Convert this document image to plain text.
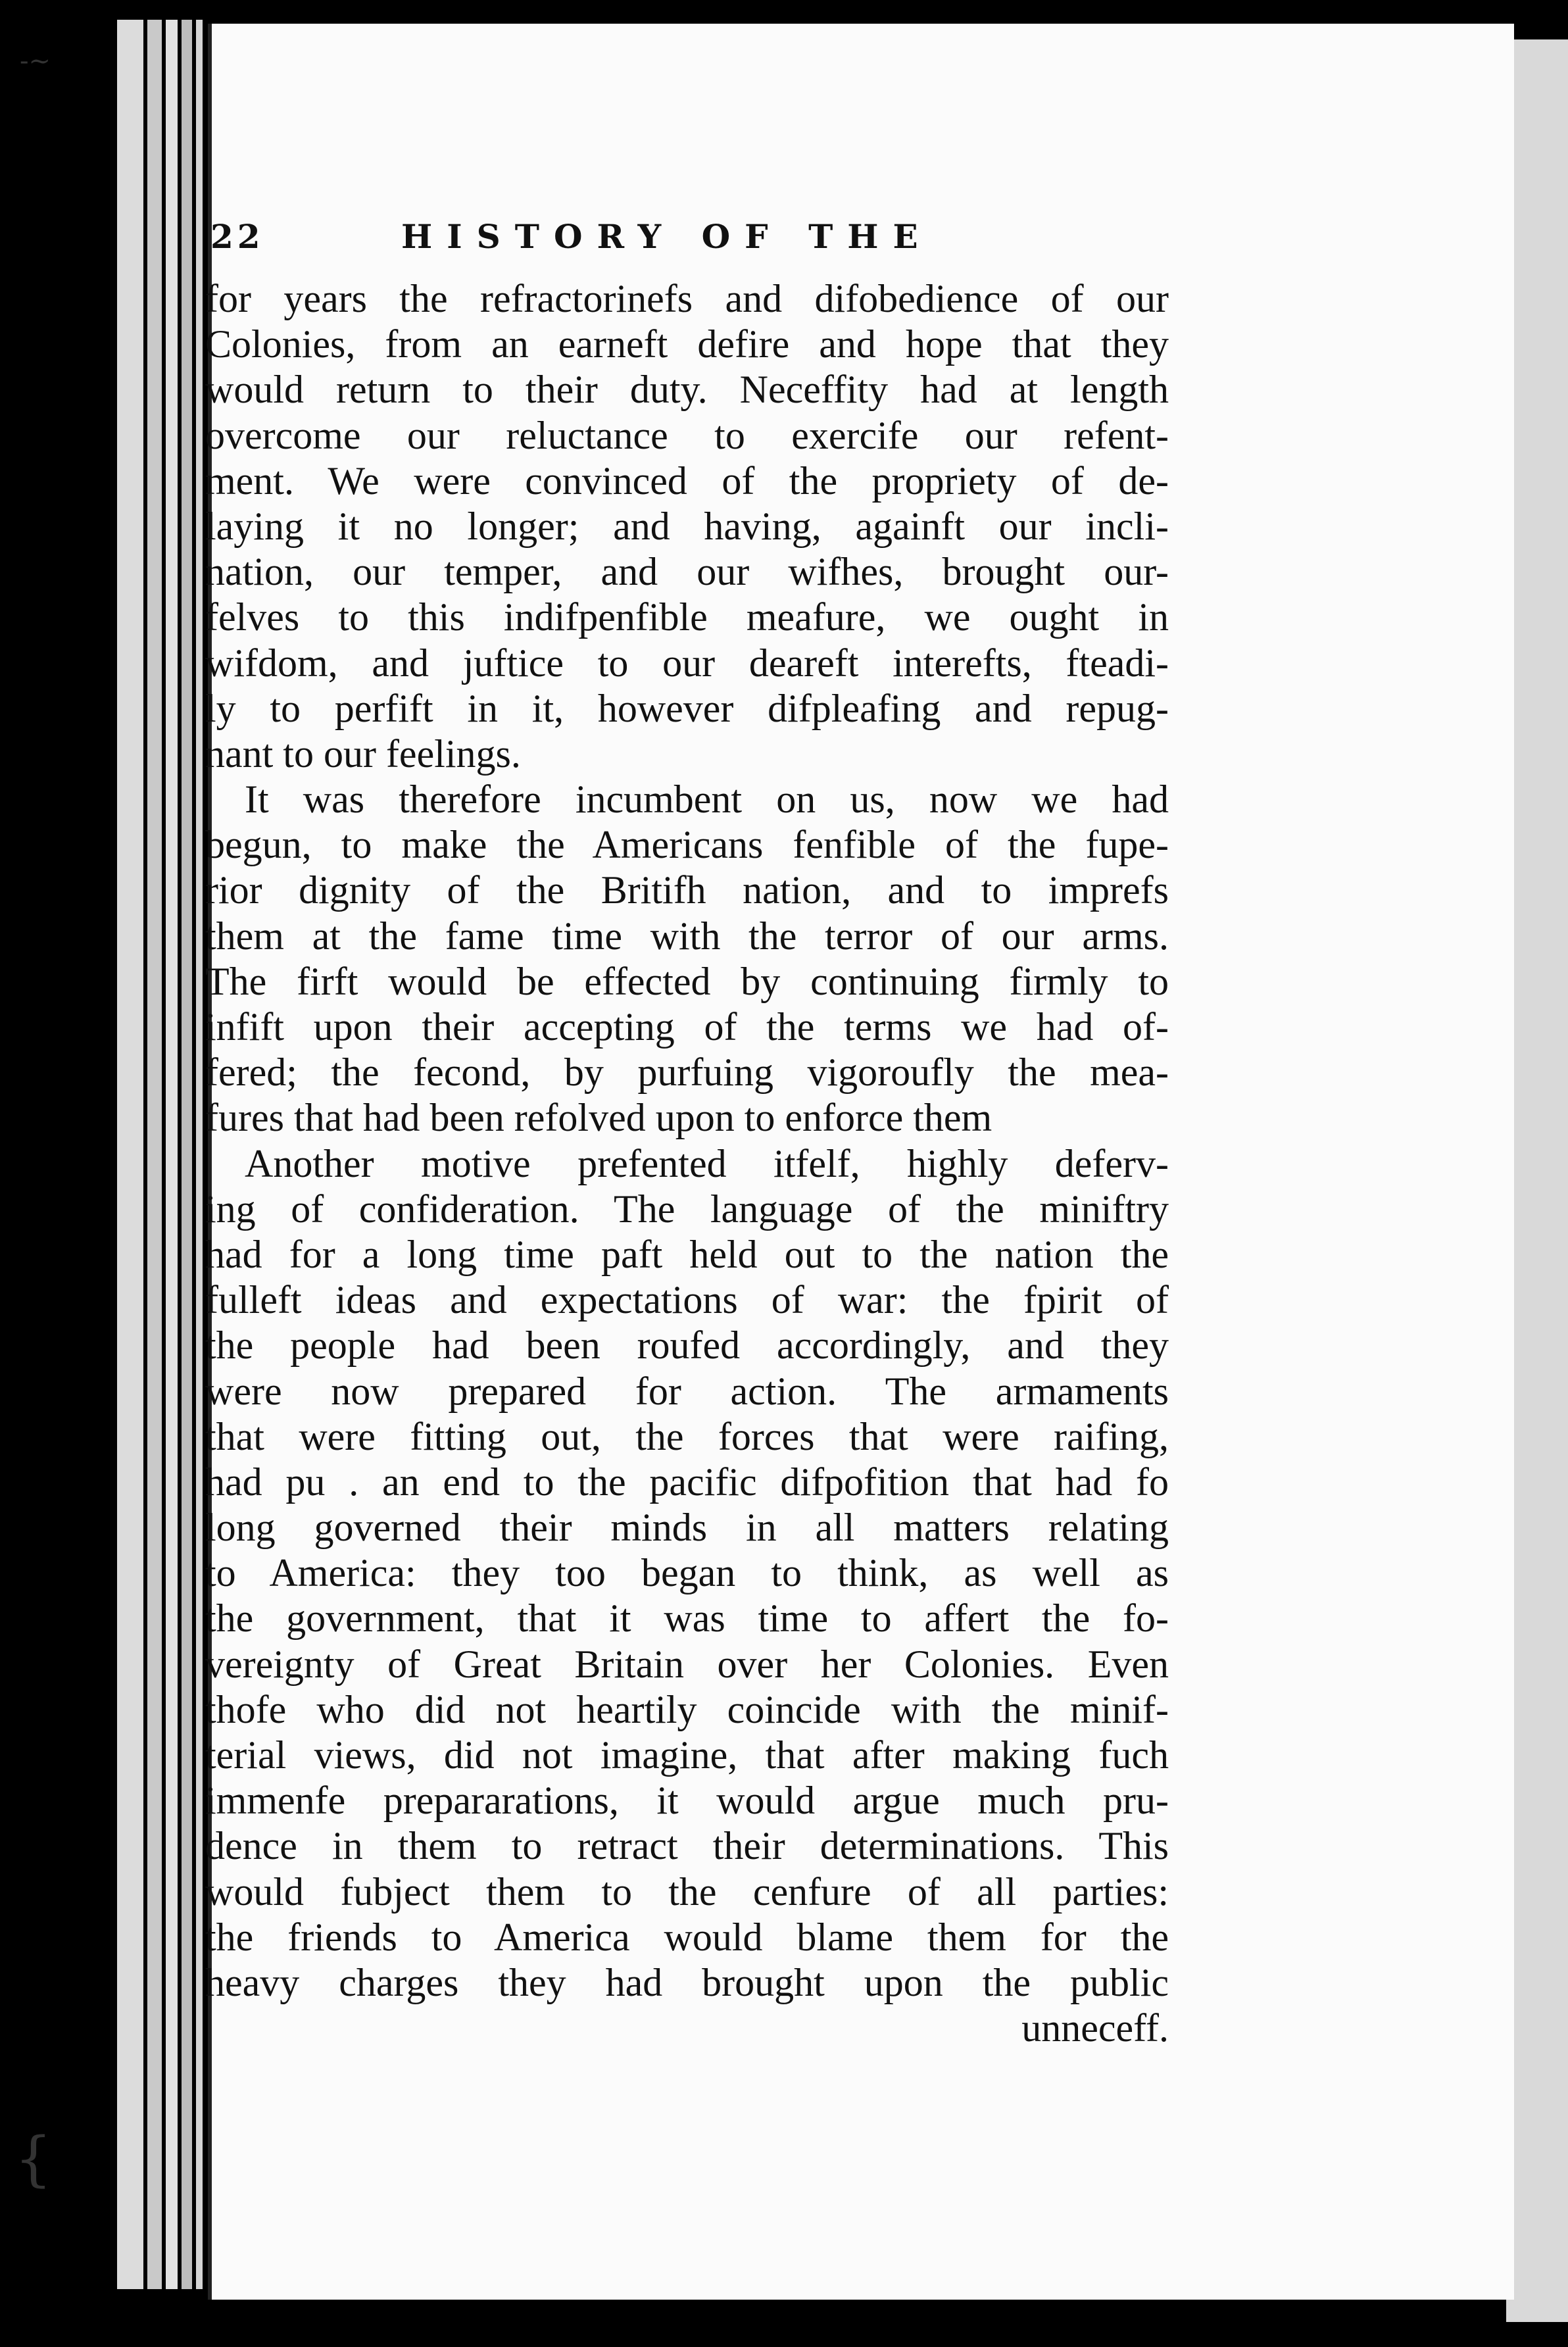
‐~
{
22	HISTORY OF THE
for years the refractorinefs and difobedience of our
Colonies, from an earneft defire and hope that they
would return to their duty. Neceffity had at length
overcome our reluctance to exercife our refent-
ment. We were convinced of the propriety of de-
laying it no longer; and having, againft our incli-
nation, our temper, and our wifhes, brought our-
felves to this indifpenfible meafure, we ought in
wifdom, and juftice to our deareft interefts, fteadi-
ly to perfift in it, however difpleafing and repug-
nant to our feelings.
It was therefore incumbent on us, now we had
begun, to make the Americans fenfible of the fupe-
rior dignity of the Britifh nation, and to imprefs
them at the fame time with the terror of our arms.
The firft would be effected by continuing firmly to
infift upon their accepting of the terms we had of-
fered; the fecond, by purfuing vigoroufly the mea-
fures that had been refolved upon to enforce them
Another motive prefented itfelf, highly deferv-
ing of confideration. The language of the miniftry
had for a long time paft held out to the nation the
fulleft ideas and expectations of war: the fpirit of
the people had been roufed accordingly, and they
were now prepared for action. The armaments
that were fitting out, the forces that were raifing,
had pu . an end to the pacific difpofition that had fo
long governed their minds in all matters relating
to America: they too began to think, as well as
the government, that it was time to affert the fo-
vereignty of Great Britain over her Colonies. Even
thofe who did not heartily coincide with the minif-
terial views, did not imagine, that after making fuch
immenfe prepararations, it would argue much pru-
dence in them to retract their determinations. This
would fubject them to the cenfure of all parties:
the friends to America would blame them for the
heavy charges they had brought upon the public
unneceff.
